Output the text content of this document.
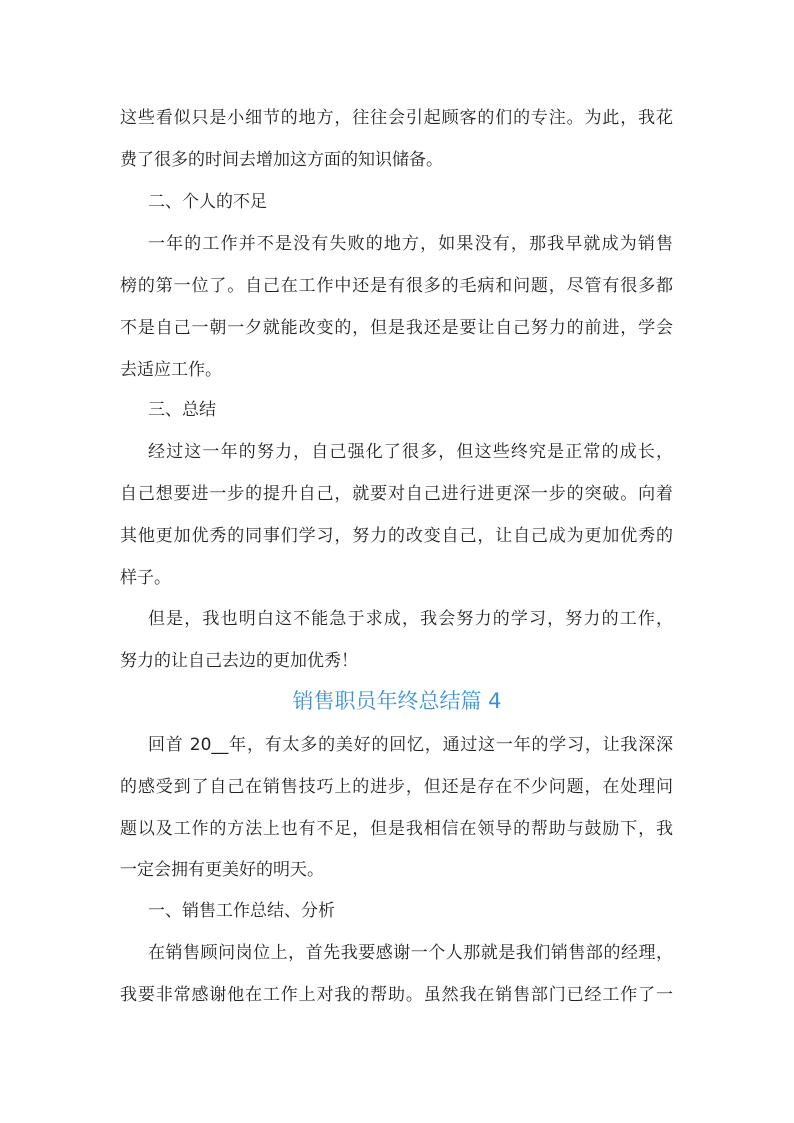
这些看似只是小细节的地方，往往会引起顾客的们的专注。为此，我花
费了很多的时间去增加这方面的知识储备。
二、个人的不足
一年的工作并不是没有失败的地方，如果没有，那我早就成为销售
榜的第一位了。自己在工作中还是有很多的毛病和问题，尽管有很多都
不是自己一朝一夕就能改变的，但是我还是要让自己努力的前进，学会
去适应工作。
三、总结
经过这一年的努力，自己强化了很多，但这些终究是正常的成长，
自己想要进一步的提升自己，就要对自己进行进更深一步的突破。向着
其他更加优秀的同事们学习，努力的改变自己，让自己成为更加优秀的
样子。
但是，我也明白这不能急于求成，我会努力的学习，努力的工作，
努力的让自己去边的更加优秀！
销售职员年终总结篇 4
回首 20__年，有太多的美好的回忆，通过这一年的学习，让我深深
的感受到了自己在销售技巧上的进步，但还是存在不少问题，在处理问
题以及工作的方法上也有不足，但是我相信在领导的帮助与鼓励下，我
一定会拥有更美好的明天。
一、销售工作总结、分析
在销售顾问岗位上，首先我要感谢一个人那就是我们销售部的经理，
我要非常感谢他在工作上对我的帮助。虽然我在销售部门已经工作了一
